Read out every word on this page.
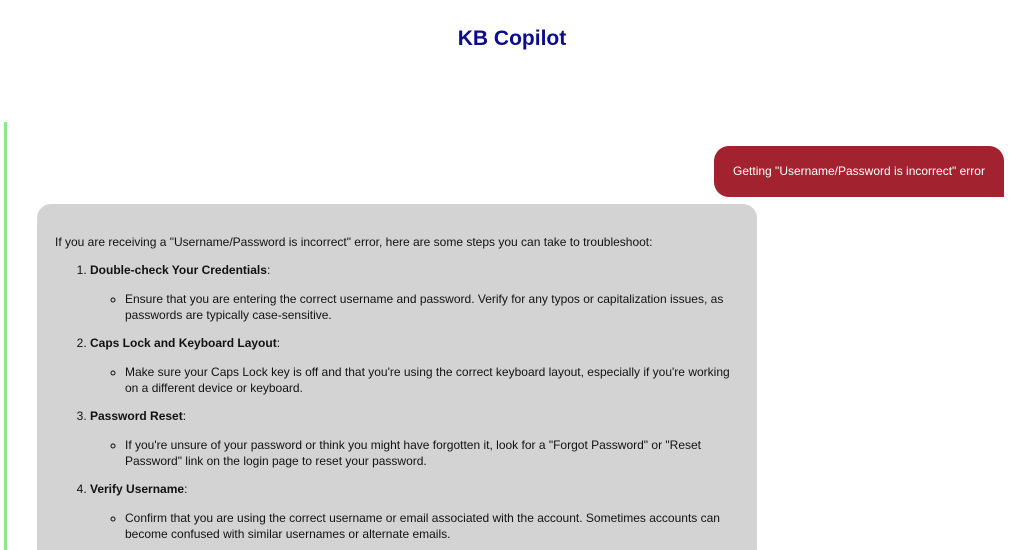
KB Copilot
Getting "Username/Password is incorrect" error

If you are receiving a "Username/Password is incorrect" error, here are some steps you can take to troubleshoot:

1. Double-check Your Credentials:
◦ Ensure that you are entering the correct username and password. Verify for any typos or capitalization issues, as passwords are typically case-sensitive.
2. Caps Lock and Keyboard Layout:
◦ Make sure your Caps Lock key is off and that you're using the correct keyboard layout, especially if you're working on a different device or keyboard.
3. Password Reset:
◦ If you're unsure of your password or think you might have forgotten it, look for a "Forgot Password" or "Reset Password" link on the login page to reset your password.
4. Verify Username:
◦ Confirm that you are using the correct username or email associated with the account. Sometimes accounts can become confused with similar usernames or alternate emails.
